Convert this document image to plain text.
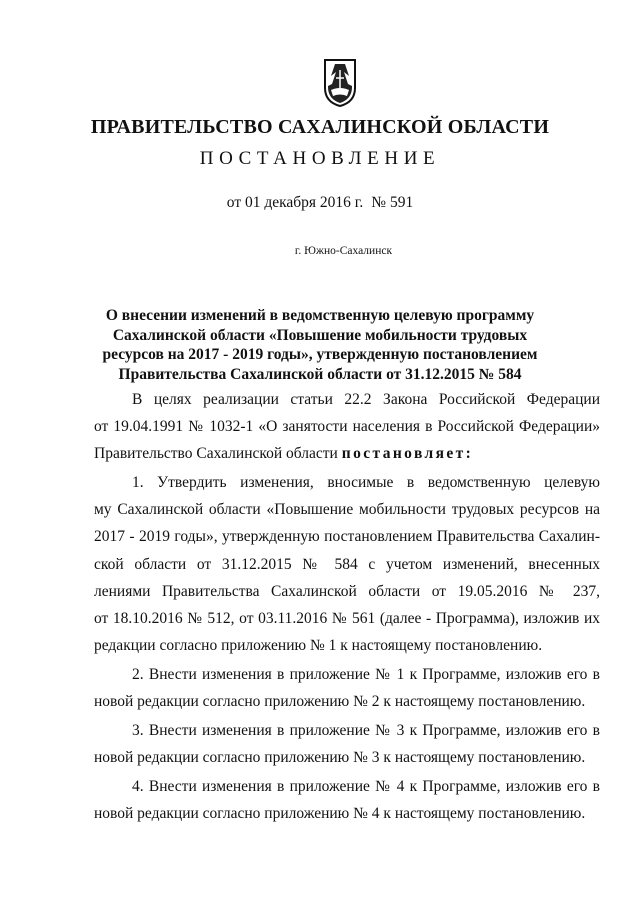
ПРАВИТЕЛЬСТВО САХАЛИНСКОЙ ОБЛАСТИ
ПОСТАНОВЛЕНИЕ
от 01 декабря 2016 г. № 591
г. Южно-Сахалинск
О внесении изменений в ведомственную целевую программу
Сахалинской области «Повышение мобильности трудовых
ресурсов на 2017 - 2019 годы», утвержденную постановлением
Правительства Сахалинской области от 31.12.2015 № 584
В целях реализации статьи 22.2 Закона Российской Федерации
от 19.04.1991 № 1032-1 «О занятости населения в Российской Федерации»
Правительство Сахалинской области постановляет:
1. Утвердить изменения, вносимые в ведомственную целевую
му Сахалинской области «Повышение мобильности трудовых ресурсов на
2017 - 2019 годы», утвержденную постановлением Правительства Сахалин-
ской области от 31.12.2015 № 584 с учетом изменений, внесенных
лениями Правительства Сахалинской области от 19.05.2016 № 237,
от 18.10.2016 № 512, от 03.11.2016 № 561 (далее - Программа), изложив их
редакции согласно приложению № 1 к настоящему постановлению.
2. Внести изменения в приложение № 1 к Программе, изложив его в
новой редакции согласно приложению № 2 к настоящему постановлению.
3. Внести изменения в приложение № 3 к Программе, изложив его в
новой редакции согласно приложению № 3 к настоящему постановлению.
4. Внести изменения в приложение № 4 к Программе, изложив его в
новой редакции согласно приложению № 4 к настоящему постановлению.
